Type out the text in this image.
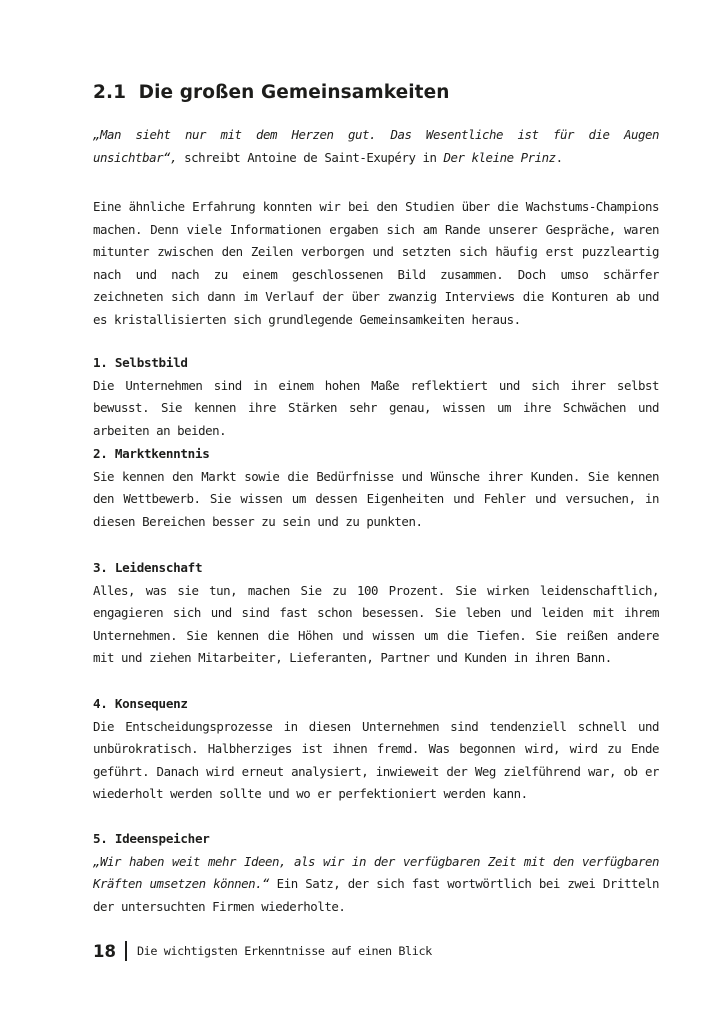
2.1 Die großen Gemeinsamkeiten

„Man sieht nur mit dem Herzen gut. Das Wesentliche ist für die Augen unsichtbar“, schreibt Antoine de Saint-Exupéry in Der kleine Prinz.

Eine ähnliche Erfahrung konnten wir bei den Studien über die Wachstums-Champions machen. Denn viele Informationen ergaben sich am Rande unserer Gespräche, waren mitunter zwischen den Zeilen verborgen und setzten sich häufig erst puzzleartig nach und nach zu einem geschlossenen Bild zusammen. Doch umso schärfer zeichneten sich dann im Verlauf der über zwanzig Interviews die Konturen ab und es kristallisierten sich grundlegende Gemeinsamkeiten heraus.

1. Selbstbild

Die Unternehmen sind in einem hohen Maße reflektiert und sich ihrer selbst bewusst. Sie kennen ihre Stärken sehr genau, wissen um ihre Schwächen und arbeiten an beiden.

2. Marktkenntnis

Sie kennen den Markt sowie die Bedürfnisse und Wünsche ihrer Kunden. Sie kennen den Wettbewerb. Sie wissen um dessen Eigenheiten und Fehler und versuchen, in diesen Bereichen besser zu sein und zu punkten.

3. Leidenschaft

Alles, was sie tun, machen Sie zu 100 Prozent. Sie wirken leidenschaftlich, engagieren sich und sind fast schon besessen. Sie leben und leiden mit ihrem Unternehmen. Sie kennen die Höhen und wissen um die Tiefen. Sie reißen andere mit und ziehen Mitarbeiter, Lieferanten, Partner und Kunden in ihren Bann.

4. Konsequenz

Die Entscheidungsprozesse in diesen Unternehmen sind tendenziell schnell und unbürokratisch. Halbherziges ist ihnen fremd. Was begonnen wird, wird zu Ende geführt. Danach wird erneut analysiert, inwieweit der Weg zielführend war, ob er wiederholt werden sollte und wo er perfektioniert werden kann.

5. Ideenspeicher

„Wir haben weit mehr Ideen, als wir in der verfügbaren Zeit mit den verfügbaren Kräften umsetzen können.“ Ein Satz, der sich fast wortwörtlich bei zwei Dritteln der untersuchten Firmen wiederholte.

18 Die wichtigsten Erkenntnisse auf einen Blick
